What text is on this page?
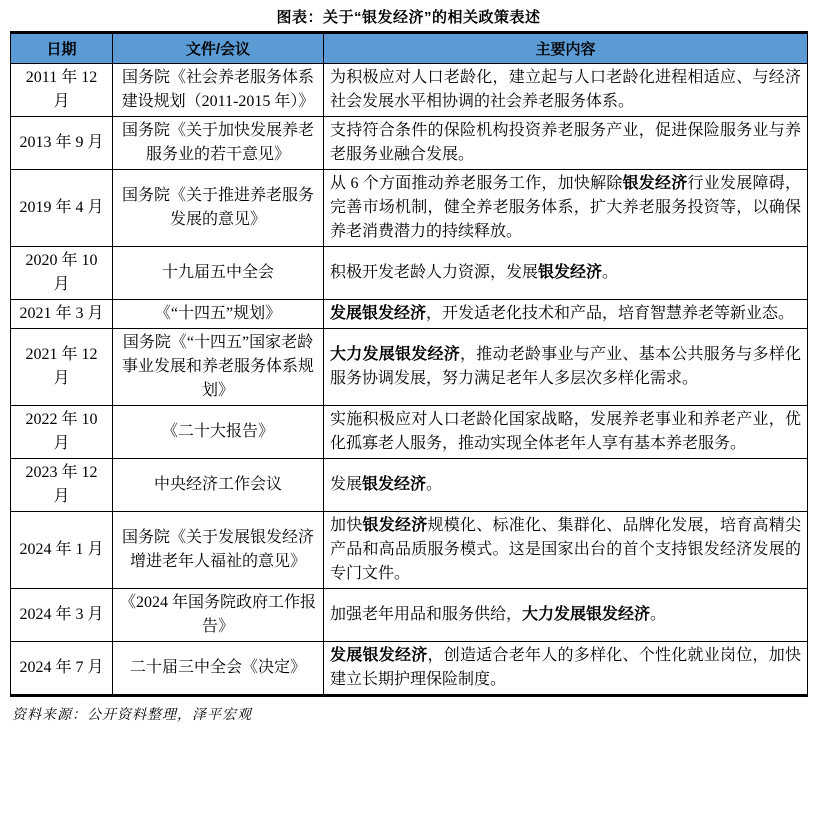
图表：关于“银发经济”的相关政策表述
日期	文件/会议	主要内容
2011 年 12 月	国务院《社会养老服务体系建设规划（2011-2015 年）》	为积极应对人口老龄化，建立起与人口老龄化进程相适应、与经济社会发展水平相协调的社会养老服务体系。
2013 年 9 月	国务院《关于加快发展养老服务业的若干意见》	支持符合条件的保险机构投资养老服务产业，促进保险服务业与养老服务业融合发展。
2019 年 4 月	国务院《关于推进养老服务发展的意见》	从 6 个方面推动养老服务工作，加快解除银发经济行业发展障碍，完善市场机制，健全养老服务体系，扩大养老服务投资等，以确保养老消费潜力的持续释放。
2020 年 10 月	十九届五中全会	积极开发老龄人力资源，发展银发经济。
2021 年 3 月	《“十四五”规划》	发展银发经济，开发适老化技术和产品，培育智慧养老等新业态。
2021 年 12 月	国务院《“十四五”国家老龄事业发展和养老服务体系规划》	大力发展银发经济，推动老龄事业与产业、基本公共服务与多样化服务协调发展，努力满足老年人多层次多样化需求。
2022 年 10 月	《二十大报告》	实施积极应对人口老龄化国家战略，发展养老事业和养老产业，优化孤寡老人服务，推动实现全体老年人享有基本养老服务。
2023 年 12 月	中央经济工作会议	发展银发经济。
2024 年 1 月	国务院《关于发展银发经济增进老年人福祉的意见》	加快银发经济规模化、标准化、集群化、品牌化发展，培育高精尖产品和高品质服务模式。这是国家出台的首个支持银发经济发展的专门文件。
2024 年 3 月	《2024 年国务院政府工作报告》	加强老年用品和服务供给，大力发展银发经济。
2024 年 7 月	二十届三中全会《决定》	发展银发经济，创造适合老年人的多样化、个性化就业岗位，加快建立长期护理保险制度。
资料来源：公开资料整理，泽平宏观
